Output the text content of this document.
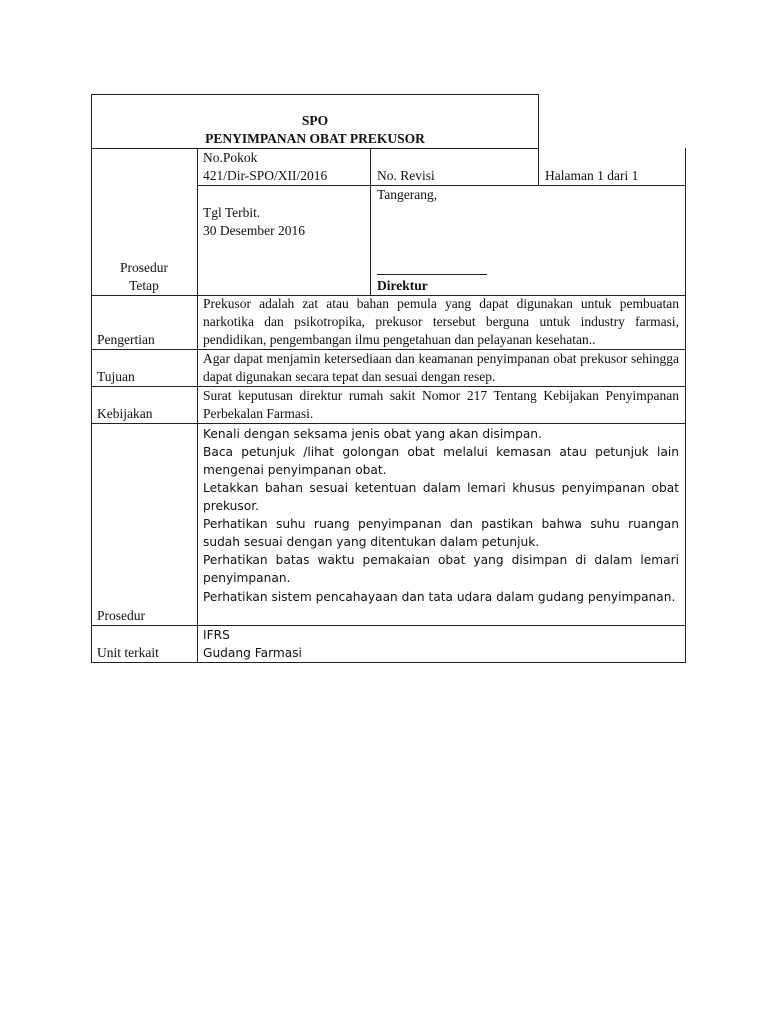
SPO
PENYIMPANAN OBAT PREKUSOR
No.Pokok
421/Dir-SPO/XII/2016	No. Revisi	Halaman 1 dari 1
Tgl Terbit.
30 Desember 2016
Tangerang,
Direktur
Prosedur
Tetap
Pengertian
Prekusor adalah zat atau bahan pemula yang dapat digunakan untuk pembuatan narkotika dan psikotropika, prekusor tersebut berguna untuk industry farmasi, pendidikan, pengembangan ilmu pengetahuan dan pelayanan kesehatan..
Tujuan
Agar dapat menjamin ketersediaan dan keamanan penyimpanan obat prekusor sehingga dapat digunakan secara tepat dan sesuai dengan resep.
Kebijakan
Surat keputusan direktur rumah sakit Nomor 217 Tentang Kebijakan Penyimpanan Perbekalan Farmasi.
Prosedur
Kenali dengan seksama jenis obat yang akan disimpan.
Baca petunjuk /lihat golongan obat melalui kemasan atau petunjuk lain mengenai penyimpanan obat.
Letakkan bahan sesuai ketentuan dalam lemari khusus penyimpanan obat prekusor.
Perhatikan suhu ruang penyimpanan dan pastikan bahwa suhu ruangan sudah sesuai dengan yang ditentukan dalam petunjuk.
Perhatikan batas waktu pemakaian obat yang disimpan di dalam lemari penyimpanan.
Perhatikan sistem pencahayaan dan tata udara dalam gudang penyimpanan.
Unit terkait
IFRS
Gudang Farmasi
